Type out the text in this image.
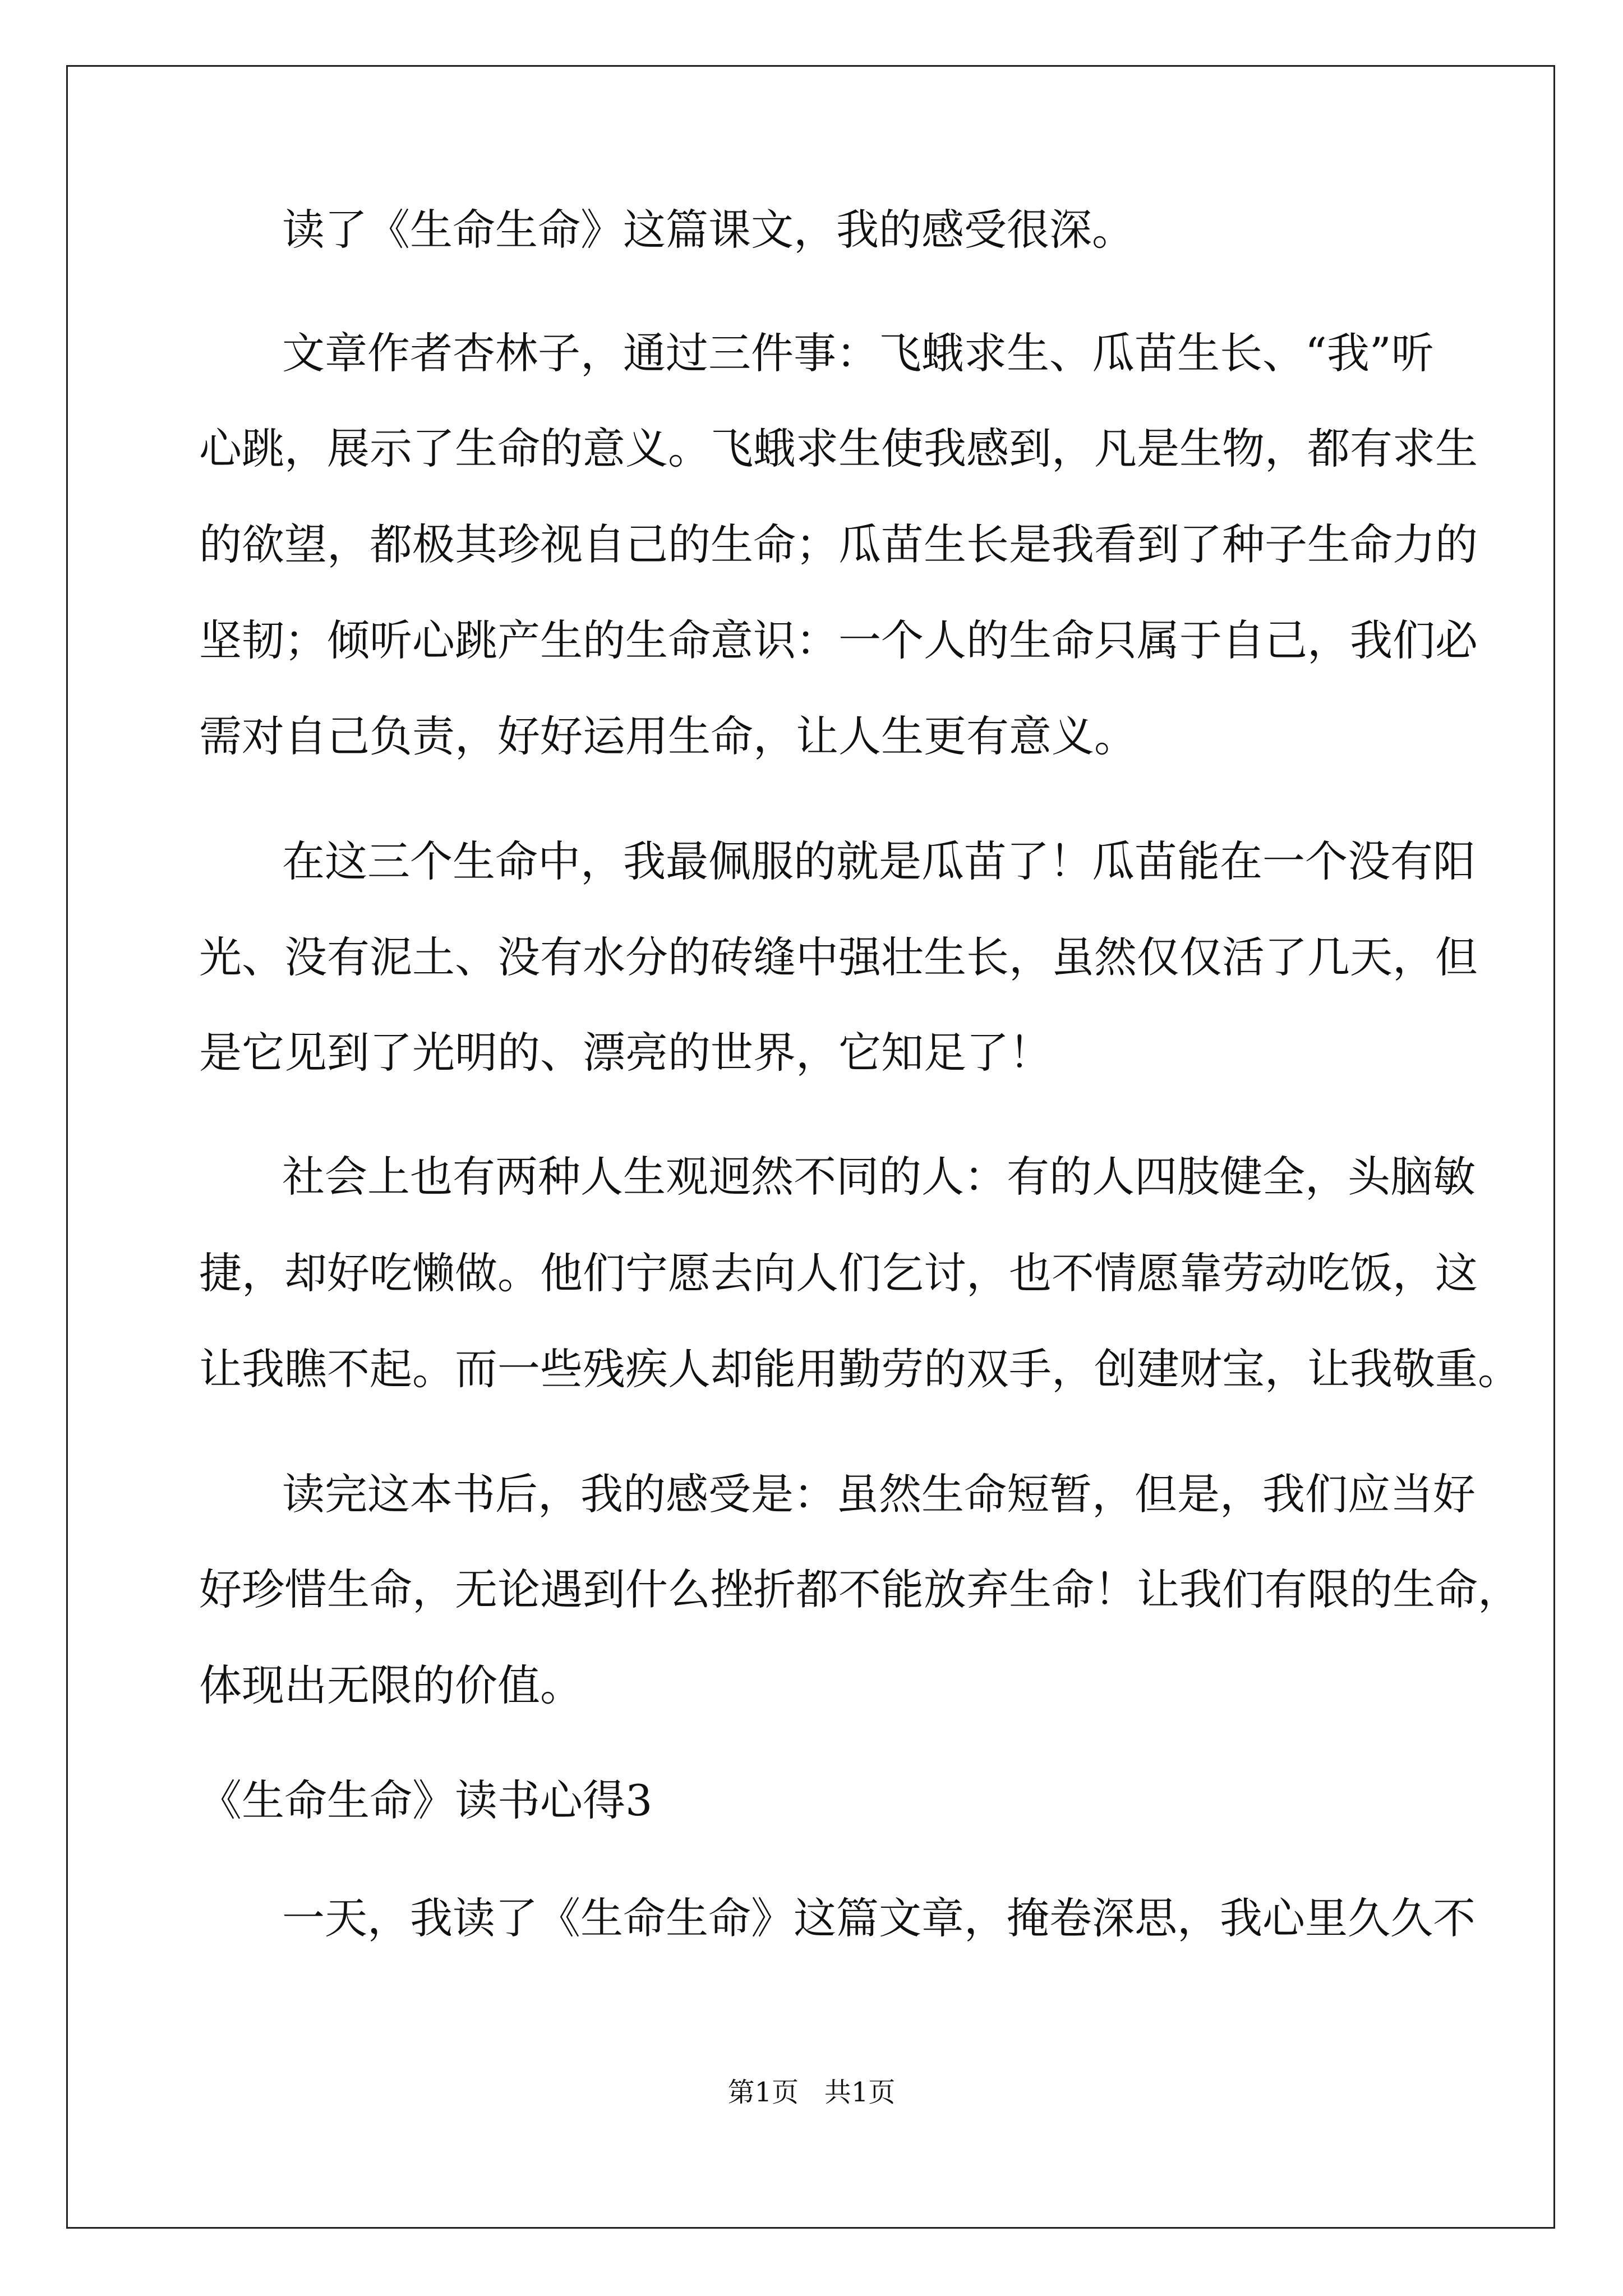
读了《生命生命》这篇课文，我的感受很深。
文章作者杏林子，通过三件事：飞蛾求生、瓜苗生长、“我”听
心跳，展示了生命的意义。飞蛾求生使我感到，凡是生物，都有求生
的欲望，都极其珍视自己的生命；瓜苗生长是我看到了种子生命力的
坚韧；倾听心跳产生的生命意识：一个人的生命只属于自己，我们必
需对自己负责，好好运用生命，让人生更有意义。
在这三个生命中，我最佩服的就是瓜苗了！瓜苗能在一个没有阳
光、没有泥土、没有水分的砖缝中强壮生长，虽然仅仅活了几天，但
是它见到了光明的、漂亮的世界，它知足了！
社会上也有两种人生观迥然不同的人：有的人四肢健全，头脑敏
捷，却好吃懒做。他们宁愿去向人们乞讨，也不情愿靠劳动吃饭，这
让我瞧不起。而一些残疾人却能用勤劳的双手，创建财宝，让我敬重。
读完这本书后，我的感受是：虽然生命短暂，但是，我们应当好
好珍惜生命，无论遇到什么挫折都不能放弃生命！让我们有限的生命，
体现出无限的价值。
《生命生命》读书心得3
一天，我读了《生命生命》这篇文章，掩卷深思，我心里久久不
第1页   共1页
